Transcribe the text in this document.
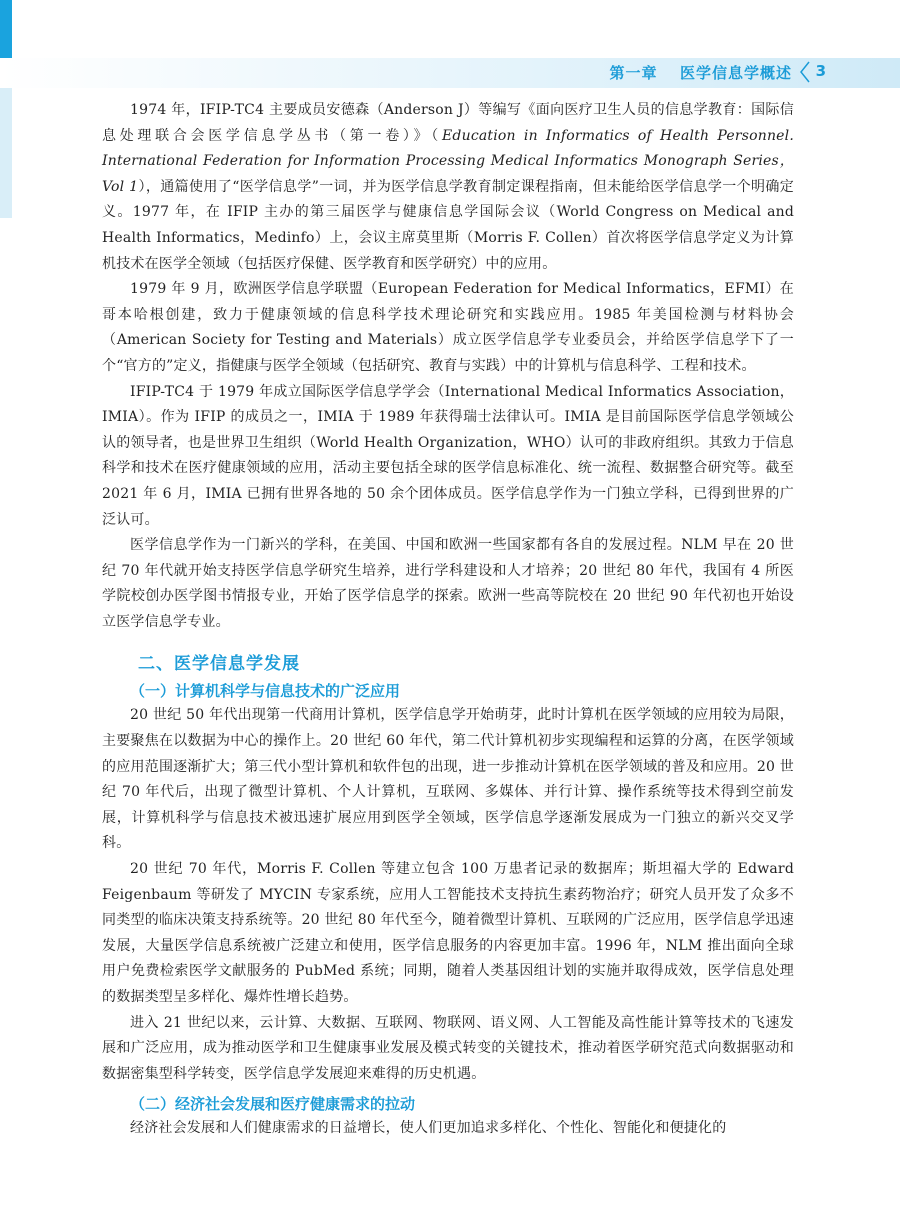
第一章 医学信息学概述 3

1974 年，IFIP-TC4 主要成员安德森（Anderson J）等编写《面向医疗卫生人员的信息学教育：国际信息处理联合会医学信息学丛书（第一卷）》（Education in Informatics of Health Personnel. International Federation for Information Processing Medical Informatics Monograph Series，Vol 1），通篇使用了“医学信息学”一词，并为医学信息学教育制定课程指南，但未能给医学信息学一个明确定义。1977 年，在 IFIP 主办的第三届医学与健康信息学国际会议（World Congress on Medical and Health Informatics，Medinfo）上，会议主席莫里斯（Morris F. Collen）首次将医学信息学定义为计算机技术在医学全领域（包括医疗保健、医学教育和医学研究）中的应用。

1979 年 9 月，欧洲医学信息学联盟（European Federation for Medical Informatics，EFMI）在哥本哈根创建，致力于健康领域的信息科学技术理论研究和实践应用。1985 年美国检测与材料协会（American Society for Testing and Materials）成立医学信息学专业委员会，并给医学信息学下了一个“官方的”定义，指健康与医学全领域（包括研究、教育与实践）中的计算机与信息科学、工程和技术。

IFIP-TC4 于 1979 年成立国际医学信息学学会（International Medical Informatics Association，IMIA）。作为 IFIP 的成员之一，IMIA 于 1989 年获得瑞士法律认可。IMIA 是目前国际医学信息学领域公认的领导者，也是世界卫生组织（World Health Organization，WHO）认可的非政府组织。其致力于信息科学和技术在医疗健康领域的应用，活动主要包括全球的医学信息标准化、统一流程、数据整合研究等。截至 2021 年 6 月，IMIA 已拥有世界各地的 50 余个团体成员。医学信息学作为一门独立学科，已得到世界的广泛认可。

医学信息学作为一门新兴的学科，在美国、中国和欧洲一些国家都有各自的发展过程。NLM 早在 20 世纪 70 年代就开始支持医学信息学研究生培养，进行学科建设和人才培养；20 世纪 80 年代，我国有 4 所医学院校创办医学图书情报专业，开始了医学信息学的探索。欧洲一些高等院校在 20 世纪 90 年代初也开始设立医学信息学专业。

二、医学信息学发展
（一）计算机科学与信息技术的广泛应用

20 世纪 50 年代出现第一代商用计算机，医学信息学开始萌芽，此时计算机在医学领域的应用较为局限，主要聚焦在以数据为中心的操作上。20 世纪 60 年代，第二代计算机初步实现编程和运算的分离，在医学领域的应用范围逐渐扩大；第三代小型计算机和软件包的出现，进一步推动计算机在医学领域的普及和应用。20 世纪 70 年代后，出现了微型计算机、个人计算机，互联网、多媒体、并行计算、操作系统等技术得到空前发展，计算机科学与信息技术被迅速扩展应用到医学全领域，医学信息学逐渐发展成为一门独立的新兴交叉学科。

20 世纪 70 年代，Morris F. Collen 等建立包含 100 万患者记录的数据库；斯坦福大学的 Edward Feigenbaum 等研发了 MYCIN 专家系统，应用人工智能技术支持抗生素药物治疗；研究人员开发了众多不同类型的临床决策支持系统等。20 世纪 80 年代至今，随着微型计算机、互联网的广泛应用，医学信息学迅速发展，大量医学信息系统被广泛建立和使用，医学信息服务的内容更加丰富。1996 年，NLM 推出面向全球用户免费检索医学文献服务的 PubMed 系统；同期，随着人类基因组计划的实施并取得成效，医学信息处理的数据类型呈多样化、爆炸性增长趋势。

进入 21 世纪以来，云计算、大数据、互联网、物联网、语义网、人工智能及高性能计算等技术的飞速发展和广泛应用，成为推动医学和卫生健康事业发展及模式转变的关键技术，推动着医学研究范式向数据驱动和数据密集型科学转变，医学信息学发展迎来难得的历史机遇。

（二）经济社会发展和医疗健康需求的拉动

经济社会发展和人们健康需求的日益增长，使人们更加追求多样化、个性化、智能化和便捷化的
